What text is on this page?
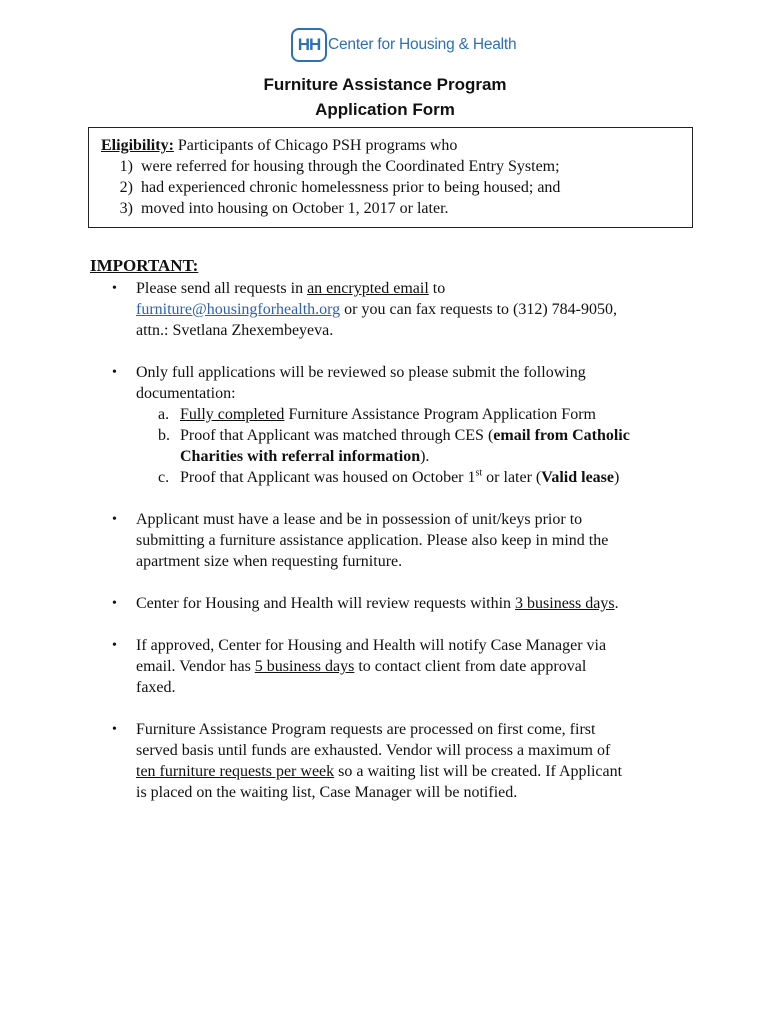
HH Center for Housing & Health
Furniture Assistance Program
Application Form
Eligibility: Participants of Chicago PSH programs who
1) were referred for housing through the Coordinated Entry System;
2) had experienced chronic homelessness prior to being housed; and
3) moved into housing on October 1, 2017 or later.
IMPORTANT:
• Please send all requests in an encrypted email to
furniture@housingforhealth.org or you can fax requests to (312) 784-9050,
attn.: Svetlana Zhexembeyeva.
• Only full applications will be reviewed so please submit the following
documentation:
a. Fully completed Furniture Assistance Program Application Form
b. Proof that Applicant was matched through CES (email from Catholic
Charities with referral information).
c. Proof that Applicant was housed on October 1st or later (Valid lease)
• Applicant must have a lease and be in possession of unit/keys prior to
submitting a furniture assistance application. Please also keep in mind the
apartment size when requesting furniture.
• Center for Housing and Health will review requests within 3 business days.
• If approved, Center for Housing and Health will notify Case Manager via
email. Vendor has 5 business days to contact client from date approval
faxed.
• Furniture Assistance Program requests are processed on first come, first
served basis until funds are exhausted. Vendor will process a maximum of
ten furniture requests per week so a waiting list will be created. If Applicant
is placed on the waiting list, Case Manager will be notified.
